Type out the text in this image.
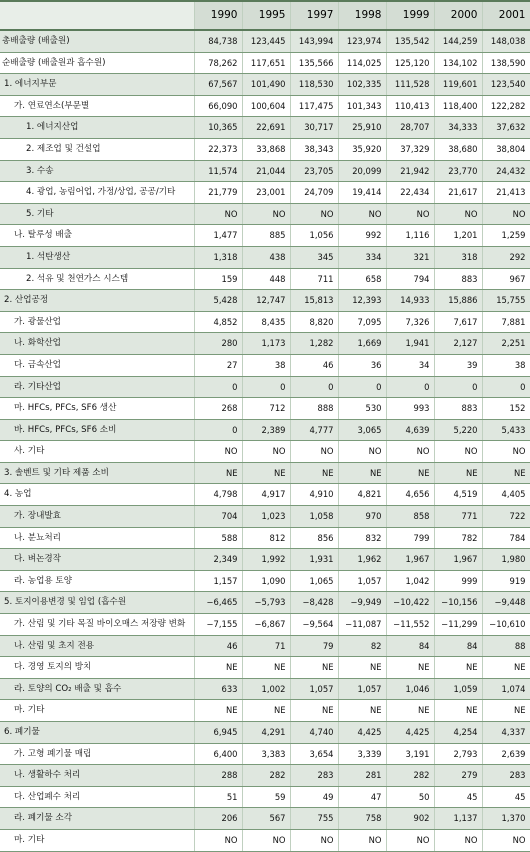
	1990	1995	1997	1998	1999	2000	2001
총배출량 (배출원)	84,738	123,445	143,994	123,974	135,542	144,259	148,038
순배출량 (배출원과 흡수원)	78,262	117,651	135,566	114,025	125,120	134,102	138,590
1. 에너지부문	67,567	101,490	118,530	102,335	111,528	119,601	123,540
가. 연료연소(부문별	66,090	100,604	117,475	101,343	110,413	118,400	122,282
1. 에너지산업	10,365	22,691	30,717	25,910	28,707	34,333	37,632
2. 제조업 및 건설업	22,373	33,868	38,343	35,920	37,329	38,680	38,804
3. 수송	11,574	21,044	23,705	20,099	21,942	23,770	24,432
4. 광업, 농림어업, 가정/상업, 공공/기타	21,779	23,001	24,709	19,414	22,434	21,617	21,413
5. 기타	NO	NO	NO	NO	NO	NO	NO
나. 탈루성 배출	1,477	885	1,056	992	1,116	1,201	1,259
1. 석탄생산	1,318	438	345	334	321	318	292
2. 석유 및 천연가스 시스템	159	448	711	658	794	883	967
2. 산업공정	5,428	12,747	15,813	12,393	14,933	15,886	15,755
가. 광물산업	4,852	8,435	8,820	7,095	7,326	7,617	7,881
나. 화학산업	280	1,173	1,282	1,669	1,941	2,127	2,251
다. 금속산업	27	38	46	36	34	39	38
라. 기타산업	0	0	0	0	0	0	0
마. HFCs, PFCs, SF6 생산	268	712	888	530	993	883	152
바. HFCs, PFCs, SF6 소비	0	2,389	4,777	3,065	4,639	5,220	5,433
사. 기타	NO	NO	NO	NO	NO	NO	NO
3. 솔벤트 및 기타 제품 소비	NE	NE	NE	NE	NE	NE	NE
4. 농업	4,798	4,917	4,910	4,821	4,656	4,519	4,405
가. 장내발효	704	1,023	1,058	970	858	771	722
나. 분뇨처리	588	812	856	832	799	782	784
다. 벼논경작	2,349	1,992	1,931	1,962	1,967	1,967	1,980
라. 농업용 토양	1,157	1,090	1,065	1,057	1,042	999	919
5. 토지이용변경 및 임업 (흡수원	−6,465	−5,793	−8,428	−9,949	−10,422	−10,156	−9,448
가. 산림 및 기타 목질 바이오매스 저장량 변화	−7,155	−6,867	−9,564	−11,087	−11,552	−11,299	−10,610
나. 산림 및 초지 전용	46	71	79	82	84	84	88
다. 경영 토지의 방치	NE	NE	NE	NE	NE	NE	NE
라. 토양의 CO₂ 배출 및 흡수	633	1,002	1,057	1,057	1,046	1,059	1,074
마. 기타	NE	NE	NE	NE	NE	NE	NE
6. 폐기물	6,945	4,291	4,740	4,425	4,425	4,254	4,337
가. 고형 폐기물 매립	6,400	3,383	3,654	3,339	3,191	2,793	2,639
나. 생활하수 처리	288	282	283	281	282	279	283
다. 산업폐수 처리	51	59	49	47	50	45	45
라. 폐기물 소각	206	567	755	758	902	1,137	1,370
마. 기타	NO	NO	NO	NO	NO	NO	NO
